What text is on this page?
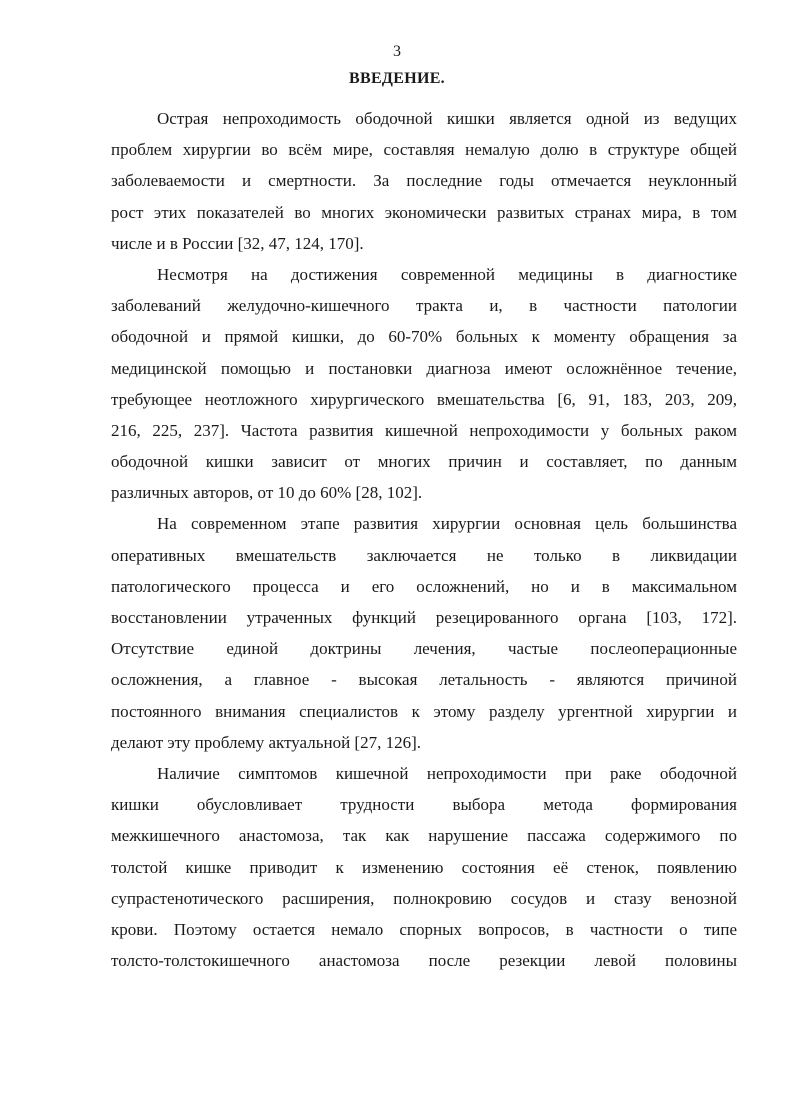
3
ВВЕДЕНИЕ.

Острая непроходимость ободочной кишки является одной из ведущих
проблем хирургии во всём мире, составляя немалую долю в структуре общей
заболеваемости и смертности. За последние годы отмечается неуклонный
рост этих показателей во многих экономически развитых странах мира, в том
числе и в России [32, 47, 124, 170].

Несмотря на достижения современной медицины в диагностике
заболеваний желудочно-кишечного тракта и, в частности патологии
ободочной и прямой кишки, до 60-70% больных к моменту обращения за
медицинской помощью и постановки диагноза имеют осложнённое течение,
требующее неотложного хирургического вмешательства [6, 91, 183, 203, 209,
216, 225, 237]. Частота развития кишечной непроходимости у больных раком
ободочной кишки зависит от многих причин и составляет, по данным
различных авторов, от 10 до 60% [28, 102].

На современном этапе развития хирургии основная цель большинства
оперативных вмешательств заключается не только в ликвидации
патологического процесса и его осложнений, но и в максимальном
восстановлении утраченных функций резецированного органа [103, 172].
Отсутствие единой доктрины лечения, частые послеоперационные
осложнения, а главное - высокая летальность - являются причиной
постоянного внимания специалистов к этому разделу ургентной хирургии и
делают эту проблему актуальной [27, 126].

Наличие симптомов кишечной непроходимости при раке ободочной
кишки обусловливает трудности выбора метода формирования
межкишечного анастомоза, так как нарушение пассажа содержимого по
толстой кишке приводит к изменению состояния её стенок, появлению
супрастенотического расширения, полнокровию сосудов и стазу венозной
крови. Поэтому остается немало спорных вопросов, в частности о типе
толсто-толстокишечного анастомоза после резекции левой половины
